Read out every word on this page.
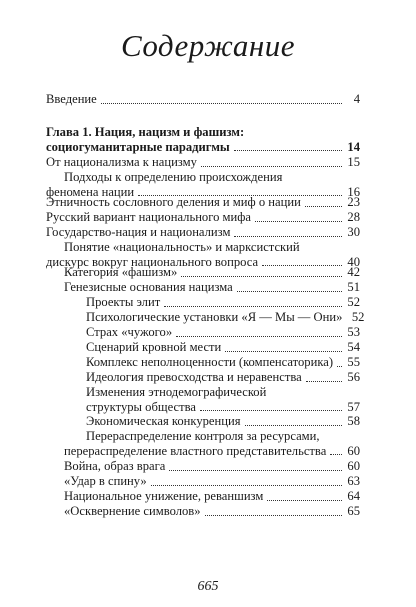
Содержание
Введение	4
Глава 1. Нация, нацизм и фашизм:
социогуманитарные парадигмы	14
От национализма к нацизму	15
Подходы к определению происхождения
феномена нации	16
Этничность сословного деления и миф о нации	23
Русский вариант национального мифа	28
Государство-нация и национализм	30
Понятие «национальность» и марксистский
дискурс вокруг национального вопроса	40
Категория «фашизм»	42
Генезисные основания нацизма	51
Проекты элит	52
Психологические установки «Я — Мы — Они» 52
Страх «чужого»	53
Сценарий кровной мести	54
Комплекс неполноценности (компенсаторика) 55
Идеология превосходства и неравенства	56
Изменения этнодемографической
структуры общества	57
Экономическая конкуренция	58
Перераспределение контроля за ресурсами,
перераспределение властного представительства 60
Война, образ врага	60
«Удар в спину»	63
Национальное унижение, реваншизм	64
«Осквернение символов»	65
665
